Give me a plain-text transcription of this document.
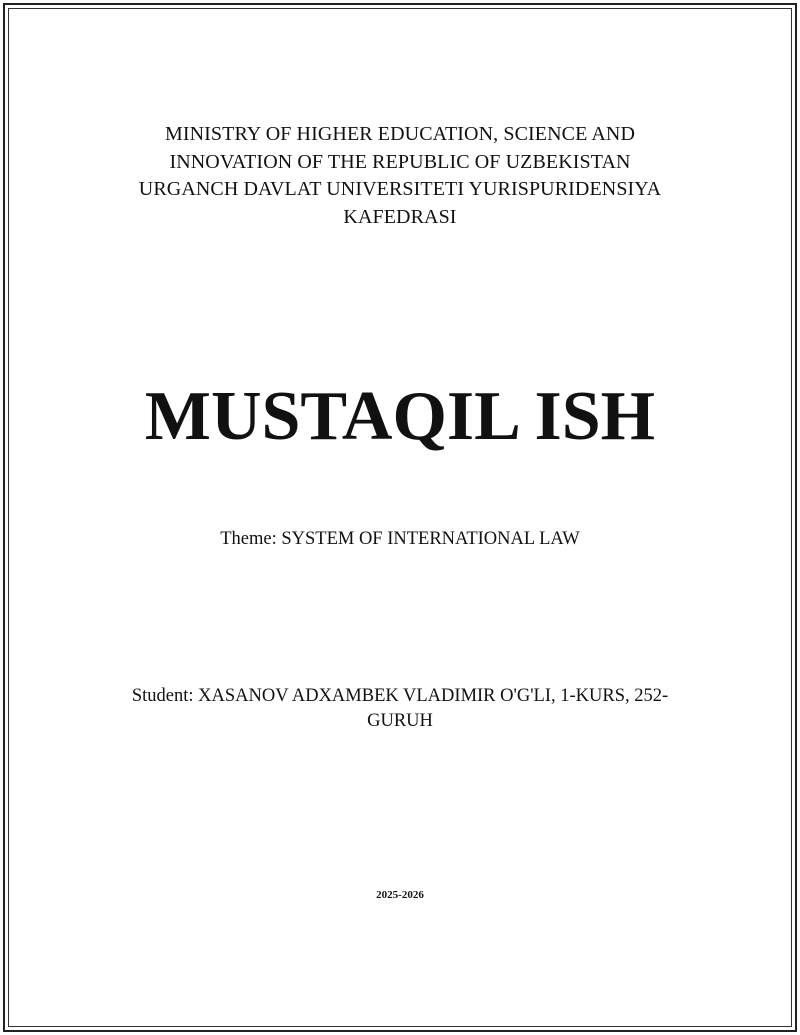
MINISTRY OF HIGHER EDUCATION, SCIENCE AND
INNOVATION OF THE REPUBLIC OF UZBEKISTAN
URGANCH DAVLAT UNIVERSITETI YURISPURIDENSIYA
KAFEDRASI
MUSTAQIL ISH
Theme: SYSTEM OF INTERNATIONAL LAW
Student: XASANOV ADXAMBEK VLADIMIR O'G'LI, 1-KURS, 252-
GURUH
2025-2026
